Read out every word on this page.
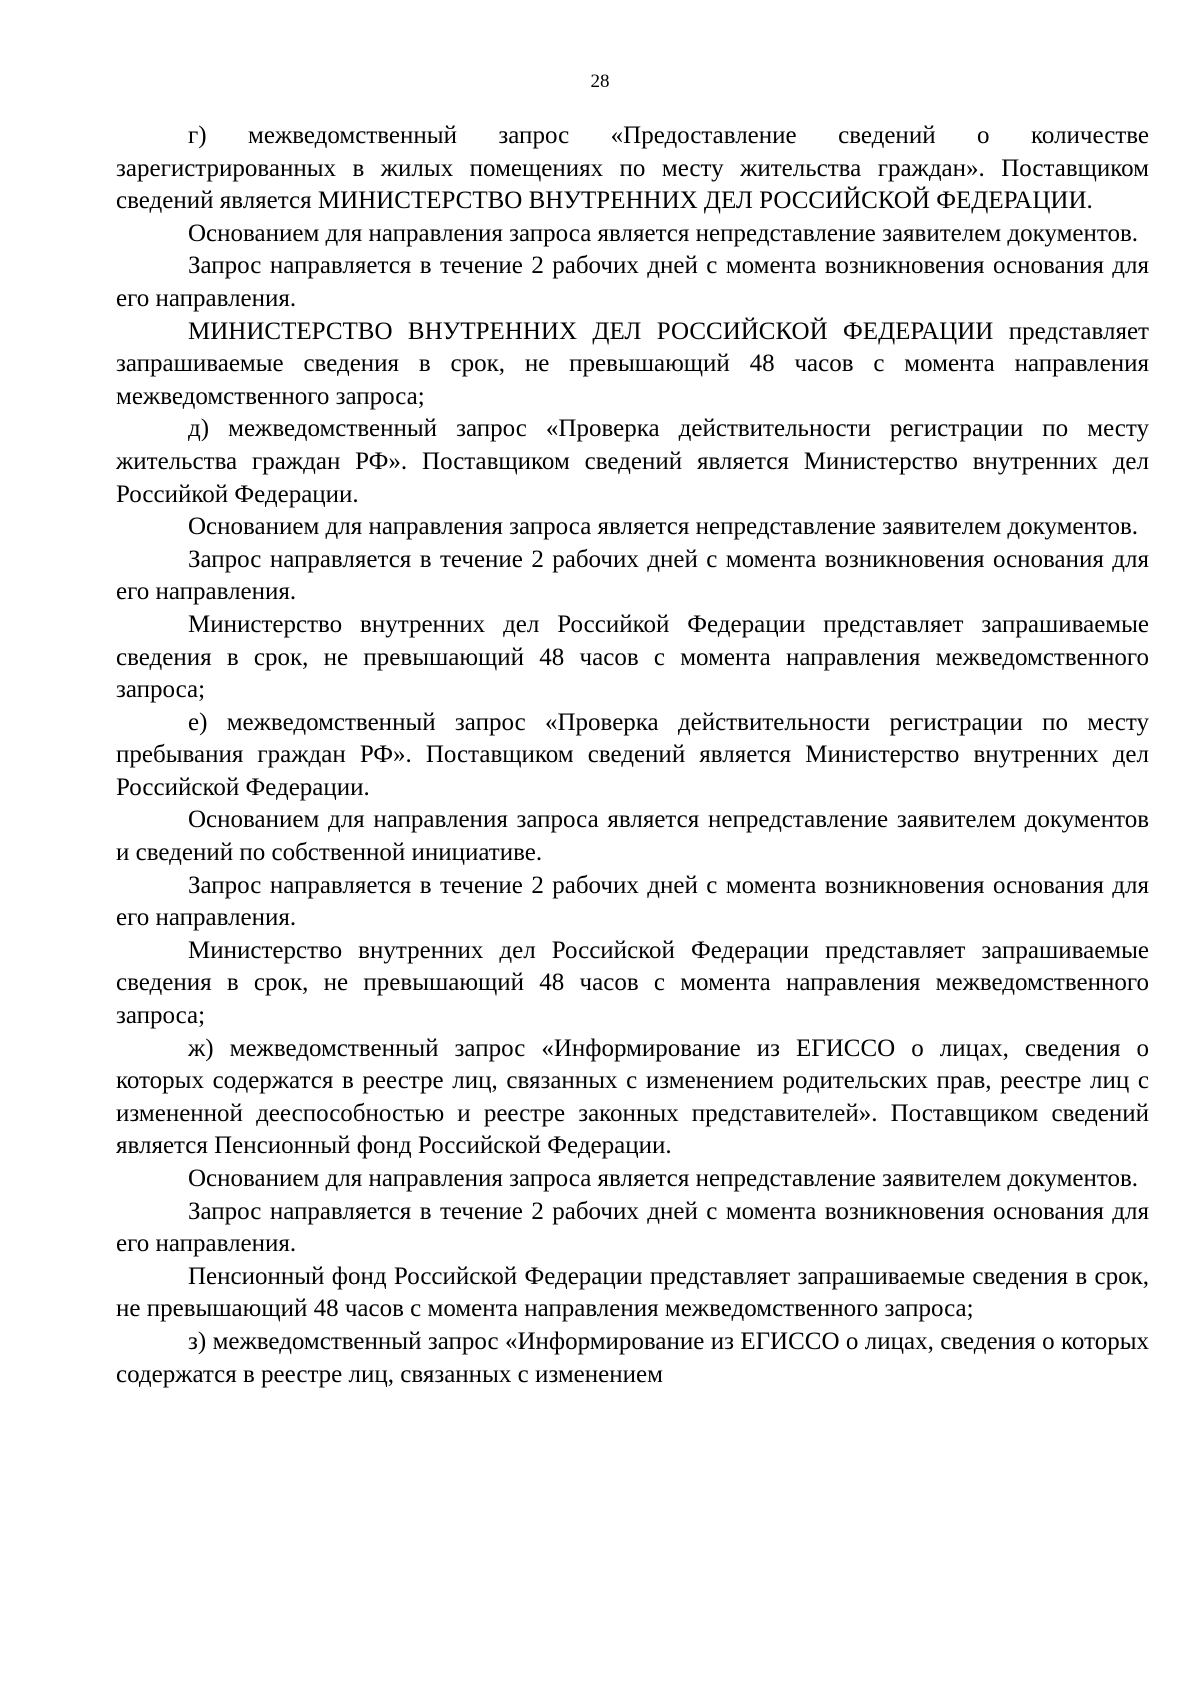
28

г) межведомственный запрос «Предоставление сведений о количестве зарегистрированных в жилых помещениях по месту жительства граждан». Поставщиком сведений является МИНИСТЕРСТВО ВНУТРЕННИХ ДЕЛ РОССИЙСКОЙ ФЕДЕРАЦИИ.

Основанием для направления запроса является непредставление заявителем документов.

Запрос направляется в течение 2 рабочих дней с момента возникновения основания для его направления.

МИНИСТЕРСТВО ВНУТРЕННИХ ДЕЛ РОССИЙСКОЙ ФЕДЕРАЦИИ представляет запрашиваемые сведения в срок, не превышающий 48 часов с момента направления межведомственного запроса;

д) межведомственный запрос «Проверка действительности регистрации по месту жительства граждан РФ». Поставщиком сведений является Министерство внутренних дел Российкой Федерации.

Основанием для направления запроса является непредставление заявителем документов.

Запрос направляется в течение 2 рабочих дней с момента возникновения основания для его направления.

Министерство внутренних дел Российкой Федерации представляет запрашиваемые сведения в срок, не превышающий 48 часов с момента направления межведомственного запроса;

е) межведомственный запрос «Проверка действительности регистрации по месту пребывания граждан РФ». Поставщиком сведений является Министерство внутренних дел Российской Федерации.

Основанием для направления запроса является непредставление заявителем документов и сведений по собственной инициативе.

Запрос направляется в течение 2 рабочих дней с момента возникновения основания для его направления.

Министерство внутренних дел Российской Федерации представляет запрашиваемые сведения в срок, не превышающий 48 часов с момента направления межведомственного запроса;

ж) межведомственный запрос «Информирование из ЕГИССО о лицах, сведения о которых содержатся в реестре лиц, связанных с изменением родительских прав, реестре лиц с измененной дееспособностью и реестре законных представителей». Поставщиком сведений является Пенсионный фонд Российской Федерации.

Основанием для направления запроса является непредставление заявителем документов.

Запрос направляется в течение 2 рабочих дней с момента возникновения основания для его направления.

Пенсионный фонд Российской Федерации представляет запрашиваемые сведения в срок, не превышающий 48 часов с момента направления межведомственного запроса;

з) межведомственный запрос «Информирование из ЕГИССО о лицах, сведения о которых содержатся в реестре лиц, связанных с изменением
